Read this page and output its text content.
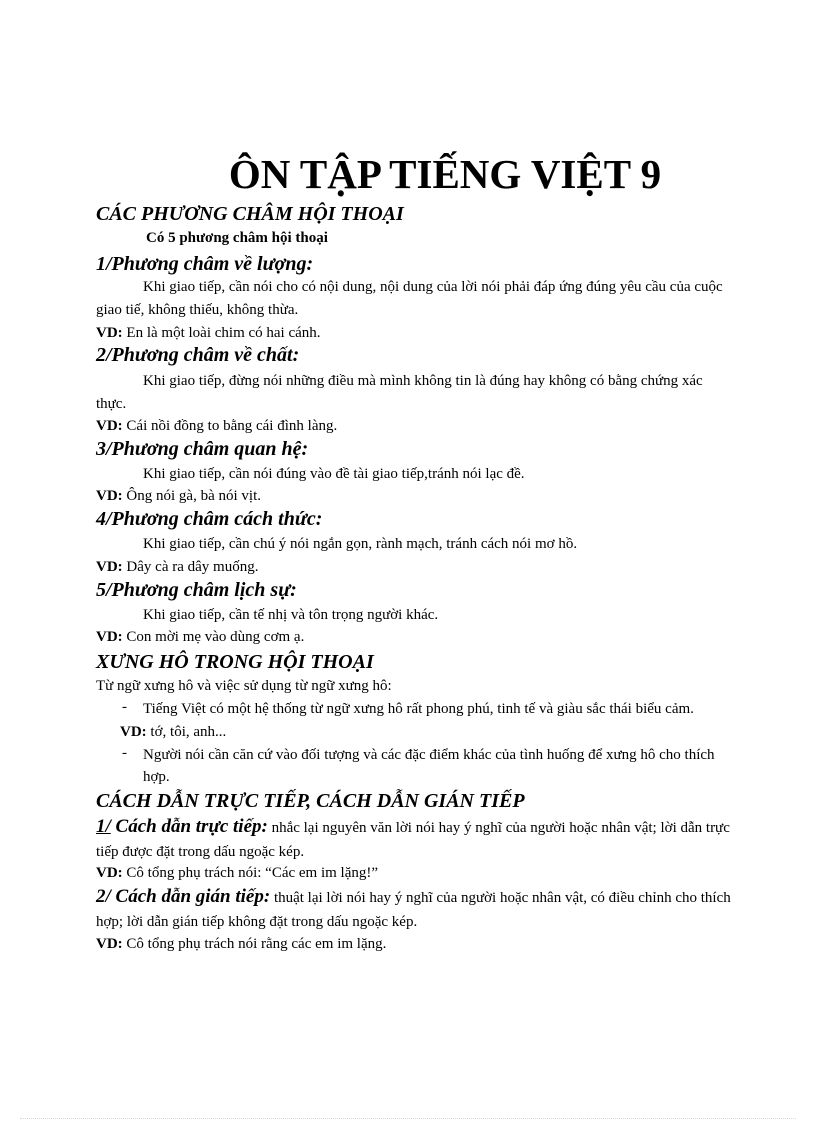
ÔN TẬP TIẾNG VIỆT 9
CÁC PHƯƠNG CHÂM HỘI THOẠI
Có 5 phương châm hội thoại
1/Phương châm về lượng:
Khi giao tiếp, cần nói cho có nội dung, nội dung của lời nói phải đáp ứng đúng yêu cầu của cuộc
giao tiế, không thiếu, không thừa.
VD: En là một loài chim có hai cánh.
2/Phương châm về chất:
Khi giao tiếp, đừng nói những điều mà mình không tin là đúng hay không có bằng chứng xác
thực.
VD: Cái nồi đồng to bằng cái đình làng.
3/Phương châm quan hệ:
Khi giao tiếp, cần nói đúng vào đề tài giao tiếp,tránh nói lạc đề.
VD: Ông nói gà, bà nói vịt.
4/Phương châm cách thức:
Khi giao tiếp, cần chú ý nói ngắn gọn, rành mạch, tránh cách nói mơ hồ.
VD: Dây cà ra dây muống.
5/Phương châm lịch sự:
Khi giao tiếp, cần tế nhị và tôn trọng người khác.
VD: Con mời mẹ vào dùng cơm ạ.
XƯNG HÔ TRONG HỘI THOẠI
Từ ngữ xưng hô và việc sử dụng từ ngữ xưng hô:
- Tiếng Việt có một hệ thống từ ngữ xưng hô rất phong phú, tinh tế và giàu sắc thái biểu cảm.
VD: tớ, tôi, anh...
- Người nói cần căn cứ vào đối tượng và các đặc điểm khác của tình huống để xưng hô cho thích
hợp.
CÁCH DẪN TRỰC TIẾP, CÁCH DẪN GIÁN TIẾP
1/ Cách dẫn trực tiếp: nhắc lại nguyên văn lời nói hay ý nghĩ của người hoặc nhân vật; lời dẫn trực
tiếp được đặt trong dấu ngoặc kép.
VD: Cô tổng phụ trách nói: “Các em im lặng!”
2/ Cách dẫn gián tiếp: thuật lại lời nói hay ý nghĩ của người hoặc nhân vật, có điều chỉnh cho thích
hợp; lời dẫn gián tiếp không đặt trong dấu ngoặc kép.
VD: Cô tổng phụ trách nói rằng các em im lặng.
